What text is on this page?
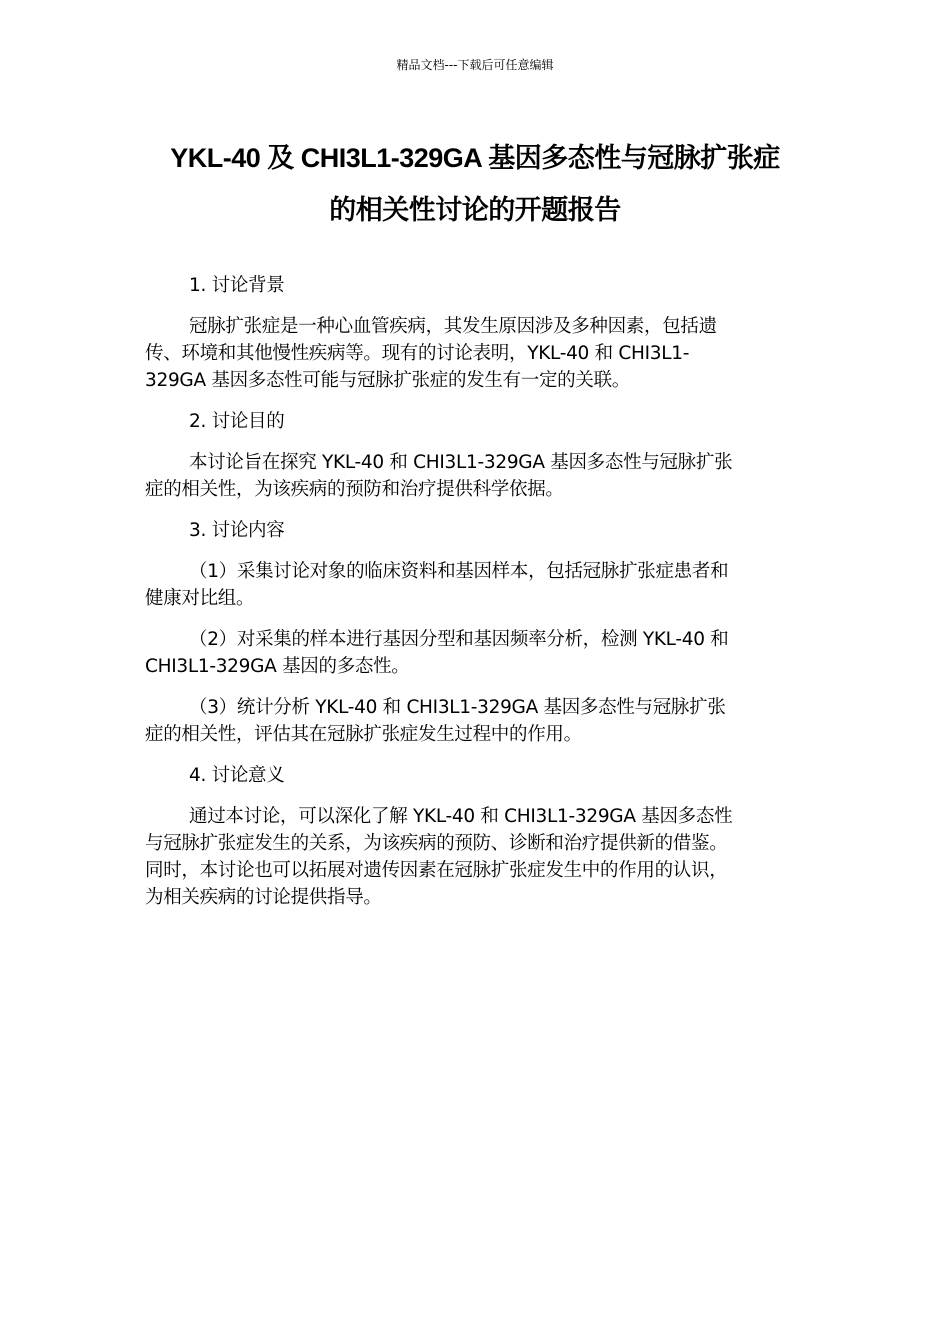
精品文档---下载后可任意编辑
YKL-40 及 CHI3L1-329GA 基因多态性与冠脉扩张症
的相关性讨论的开题报告
1. 讨论背景
冠脉扩张症是一种心血管疾病，其发生原因涉及多种因素，包括遗
传、环境和其他慢性疾病等。现有的讨论表明，YKL-40 和 CHI3L1-
329GA 基因多态性可能与冠脉扩张症的发生有一定的关联。
2. 讨论目的
本讨论旨在探究 YKL-40 和 CHI3L1-329GA 基因多态性与冠脉扩张
症的相关性，为该疾病的预防和治疗提供科学依据。
3. 讨论内容
（1）采集讨论对象的临床资料和基因样本，包括冠脉扩张症患者和
健康对比组。
（2）对采集的样本进行基因分型和基因频率分析，检测 YKL-40 和
CHI3L1-329GA 基因的多态性。
（3）统计分析 YKL-40 和 CHI3L1-329GA 基因多态性与冠脉扩张
症的相关性，评估其在冠脉扩张症发生过程中的作用。
4. 讨论意义
通过本讨论，可以深化了解 YKL-40 和 CHI3L1-329GA 基因多态性
与冠脉扩张症发生的关系，为该疾病的预防、诊断和治疗提供新的借鉴。
同时，本讨论也可以拓展对遗传因素在冠脉扩张症发生中的作用的认识，
为相关疾病的讨论提供指导。
